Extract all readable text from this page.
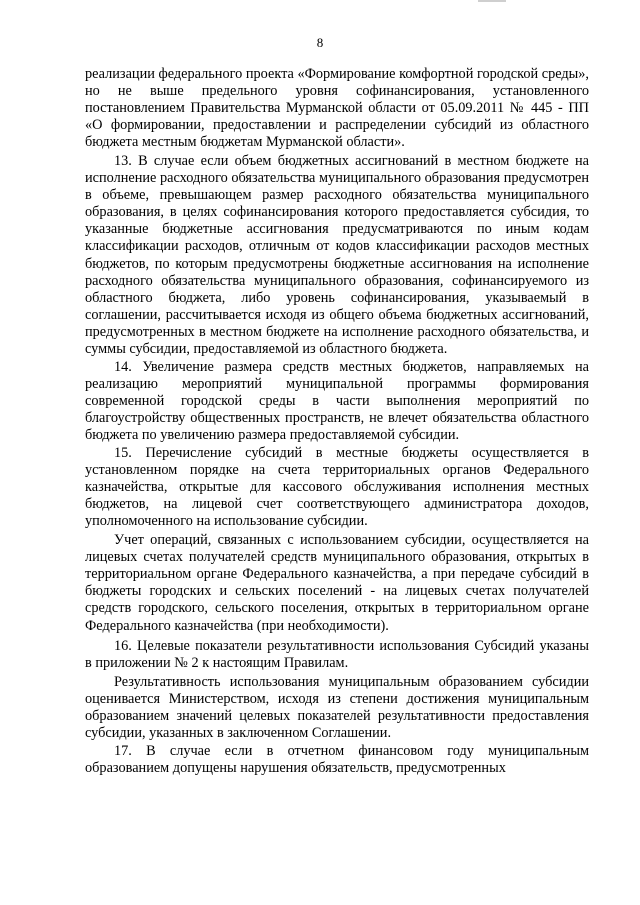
8

реализации федерального проекта «Формирование комфортной городской среды», но не выше предельного уровня софинансирования, установленного постановлением Правительства Мурманской области от 05.09.2011 № 445 - ПП «О формировании, предоставлении и распределении субсидий из областного бюджета местным бюджетам Мурманской области».

13. В случае если объем бюджетных ассигнований в местном бюджете на исполнение расходного обязательства муниципального образования предусмотрен в объеме, превышающем размер расходного обязательства муниципального образования, в целях софинансирования которого предоставляется субсидия, то указанные бюджетные ассигнования предусматриваются по иным кодам классификации расходов, отличным от кодов классификации расходов местных бюджетов, по которым предусмотрены бюджетные ассигнования на исполнение расходного обязательства муниципального образования, софинансируемого из областного бюджета, либо уровень софинансирования, указываемый в соглашении, рассчитывается исходя из общего объема бюджетных ассигнований, предусмотренных в местном бюджете на исполнение расходного обязательства, и суммы субсидии, предоставляемой из областного бюджета.

14. Увеличение размера средств местных бюджетов, направляемых на реализацию мероприятий муниципальной программы формирования современной городской среды в части выполнения мероприятий по благоустройству общественных пространств, не влечет обязательства областного бюджета по увеличению размера предоставляемой субсидии.

15. Перечисление субсидий в местные бюджеты осуществляется в установленном порядке на счета территориальных органов Федерального казначейства, открытые для кассового обслуживания исполнения местных бюджетов, на лицевой счет соответствующего администратора доходов, уполномоченного на использование субсидии.

Учет операций, связанных с использованием субсидии, осуществляется на лицевых счетах получателей средств муниципального образования, открытых в территориальном органе Федерального казначейства, а при передаче субсидий в бюджеты городских и сельских поселений - на лицевых счетах получателей средств городского, сельского поселения, открытых в территориальном органе Федерального казначейства (при необходимости).

16. Целевые показатели результативности использования Субсидий указаны в приложении № 2 к настоящим Правилам.

Результативность использования муниципальным образованием субсидии оценивается Министерством, исходя из степени достижения муниципальным образованием значений целевых показателей результативности предоставления субсидии, указанных в заключенном Соглашении.

17. В случае если в отчетном финансовом году муниципальным образованием допущены нарушения обязательств, предусмотренных
